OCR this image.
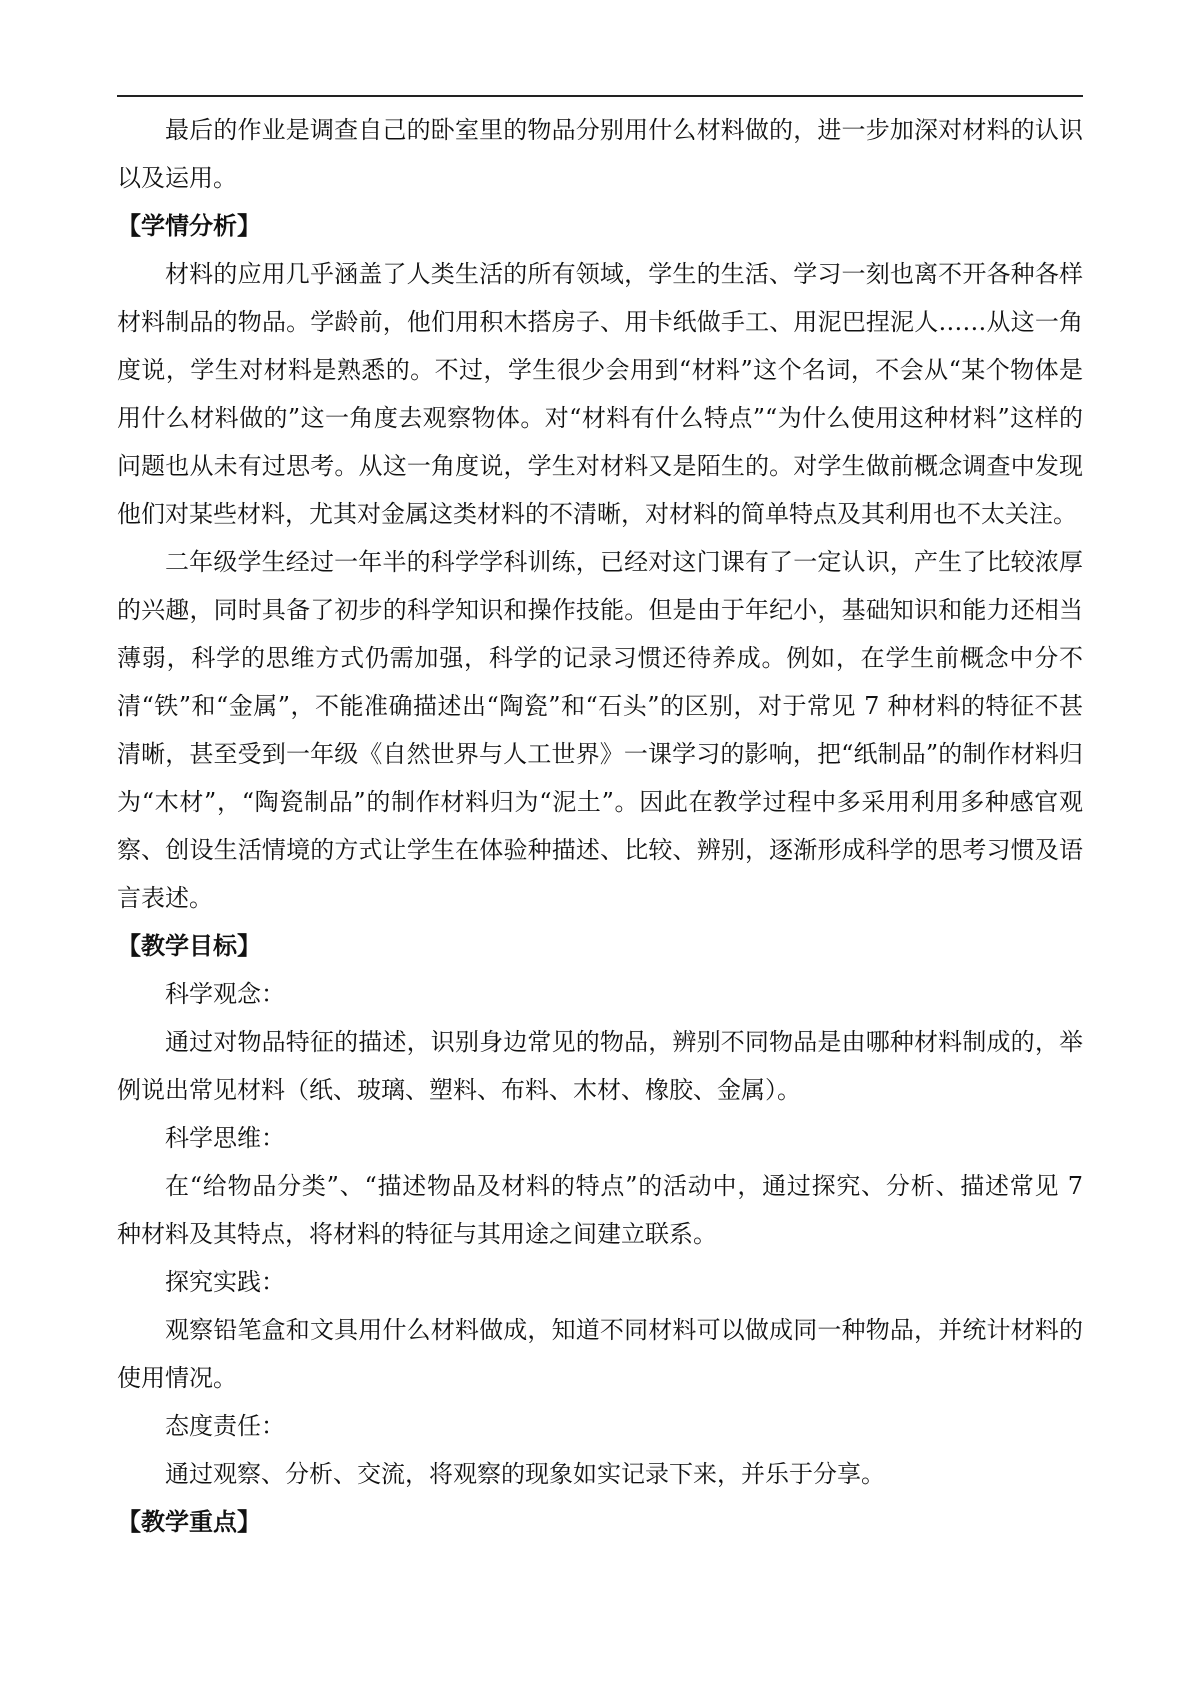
最后的作业是调查自己的卧室里的物品分别用什么材料做的，进一步加深对材料的认识以及运用。

【学情分析】

材料的应用几乎涵盖了人类生活的所有领域，学生的生活、学习一刻也离不开各种各样材料制品的物品。学龄前，他们用积木搭房子、用卡纸做手工、用泥巴捏泥人……从这一角度说，学生对材料是熟悉的。不过，学生很少会用到“材料”这个名词，不会从“某个物体是用什么材料做的”这一角度去观察物体。对“材料有什么特点”“为什么使用这种材料”这样的问题也从未有过思考。从这一角度说，学生对材料又是陌生的。对学生做前概念调查中发现他们对某些材料，尤其对金属这类材料的不清晰，对材料的简单特点及其利用也不太关注。

二年级学生经过一年半的科学学科训练，已经对这门课有了一定认识，产生了比较浓厚的兴趣，同时具备了初步的科学知识和操作技能。但是由于年纪小，基础知识和能力还相当薄弱，科学的思维方式仍需加强，科学的记录习惯还待养成。例如，在学生前概念中分不清“铁”和“金属”，不能准确描述出“陶瓷”和“石头”的区别，对于常见 7 种材料的特征不甚清晰，甚至受到一年级《自然世界与人工世界》一课学习的影响，把“纸制品”的制作材料归为“木材”，“陶瓷制品”的制作材料归为“泥土”。因此在教学过程中多采用利用多种感官观察、创设生活情境的方式让学生在体验种描述、比较、辨别，逐渐形成科学的思考习惯及语言表述。

【教学目标】

科学观念：

通过对物品特征的描述，识别身边常见的物品，辨别不同物品是由哪种材料制成的，举例说出常见材料（纸、玻璃、塑料、布料、木材、橡胶、金属）。

科学思维：

在“给物品分类”、“描述物品及材料的特点”的活动中，通过探究、分析、描述常见 7 种材料及其特点，将材料的特征与其用途之间建立联系。

探究实践：

观察铅笔盒和文具用什么材料做成，知道不同材料可以做成同一种物品，并统计材料的使用情况。

态度责任：

通过观察、分析、交流，将观察的现象如实记录下来，并乐于分享。

【教学重点】
